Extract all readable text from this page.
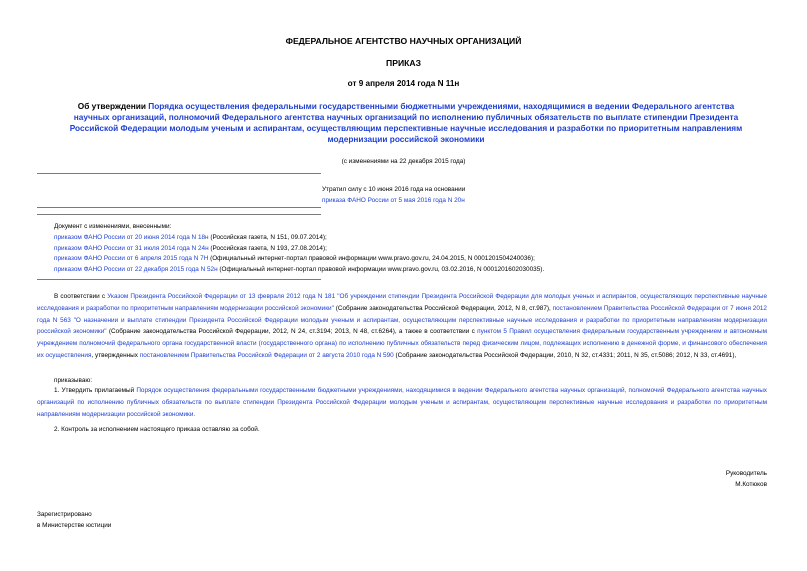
ФЕДЕРАЛЬНОЕ АГЕНТСТВО НАУЧНЫХ ОРГАНИЗАЦИЙ
ПРИКАЗ
от 9 апреля 2014 года N 11н
Об утверждении Порядка осуществления федеральными государственными бюджетными учреждениями, находящимися в ведении Федерального агентства научных организаций, полномочий Федерального агентства научных организаций по исполнению публичных обязательств по выплате стипендии Президента Российской Федерации молодым ученым и аспирантам, осуществляющим перспективные научные исследования и разработки по приоритетным направлениям модернизации российской экономики
(с изменениями на 22 декабря 2015 года)
Утратил силу с 10 июня 2016 года на основании
приказа ФАНО России от 5 мая 2016 года N 20н
Документ с изменениями, внесенными:
приказом ФАНО России от 20 июня 2014 года N 18н (Российская газета, N 151, 09.07.2014);
приказом ФАНО России от 31 июля 2014 года N 24н (Российская газета, N 193, 27.08.2014);
приказом ФАНО России от 6 апреля 2015 года N 7Н (Официальный интернет-портал правовой информации www.pravo.gov.ru, 24.04.2015, N 0001201504240036);
приказом ФАНО России от 22 декабря 2015 года N 52н (Официальный интернет-портал правовой информации www.pravo.gov.ru, 03.02.2016, N 0001201602030035).
В соответствии с Указом Президента Российской Федерации от 13 февраля 2012 года N 181 "Об учреждении стипендии Президента Российской Федерации для молодых ученых и аспирантов, осуществляющих перспективные научные исследования и разработки по приоритетным направлениям модернизации российской экономики" (Собрание законодательства Российской Федерации, 2012, N 8, ст.987), постановлением Правительства Российской Федерации от 7 июня 2012 года N 563 "О назначении и выплате стипендии Президента Российской Федерации молодым ученым и аспирантам, осуществляющим перспективные научные исследования и разработки по приоритетным направлениям модернизации российской экономики" (Собрание законодательства Российской Федерации, 2012, N 24, ст.3194; 2013, N 48, ст.6264), а также в соответствии с пунктом 5 Правил осуществления федеральным государственным учреждением и автономным учреждением полномочий федерального органа государственной власти (государственного органа) по исполнению публичных обязательств перед физическим лицом, подлежащих исполнению в денежной форме, и финансового обеспечения их осуществления, утвержденных постановлением Правительства Российской Федерации от 2 августа 2010 года N 590 (Собрание законодательства Российской Федерации, 2010, N 32, ст.4331; 2011, N 35, ст.5086; 2012, N 33, ст.4691),
приказываю:
1. Утвердить прилагаемый Порядок осуществления федеральными государственными бюджетными учреждениями, находящимися в ведении Федерального агентства научных организаций, полномочий Федерального агентства научных организаций по исполнению публичных обязательств по выплате стипендии Президента Российской Федерации молодым ученым и аспирантам, осуществляющим перспективные научные исследования и разработки по приоритетным направлениям модернизации российской экономики.
2. Контроль за исполнением настоящего приказа оставляю за собой.
Руководитель
М.Котюков
Зарегистрировано
в Министерстве юстиции
